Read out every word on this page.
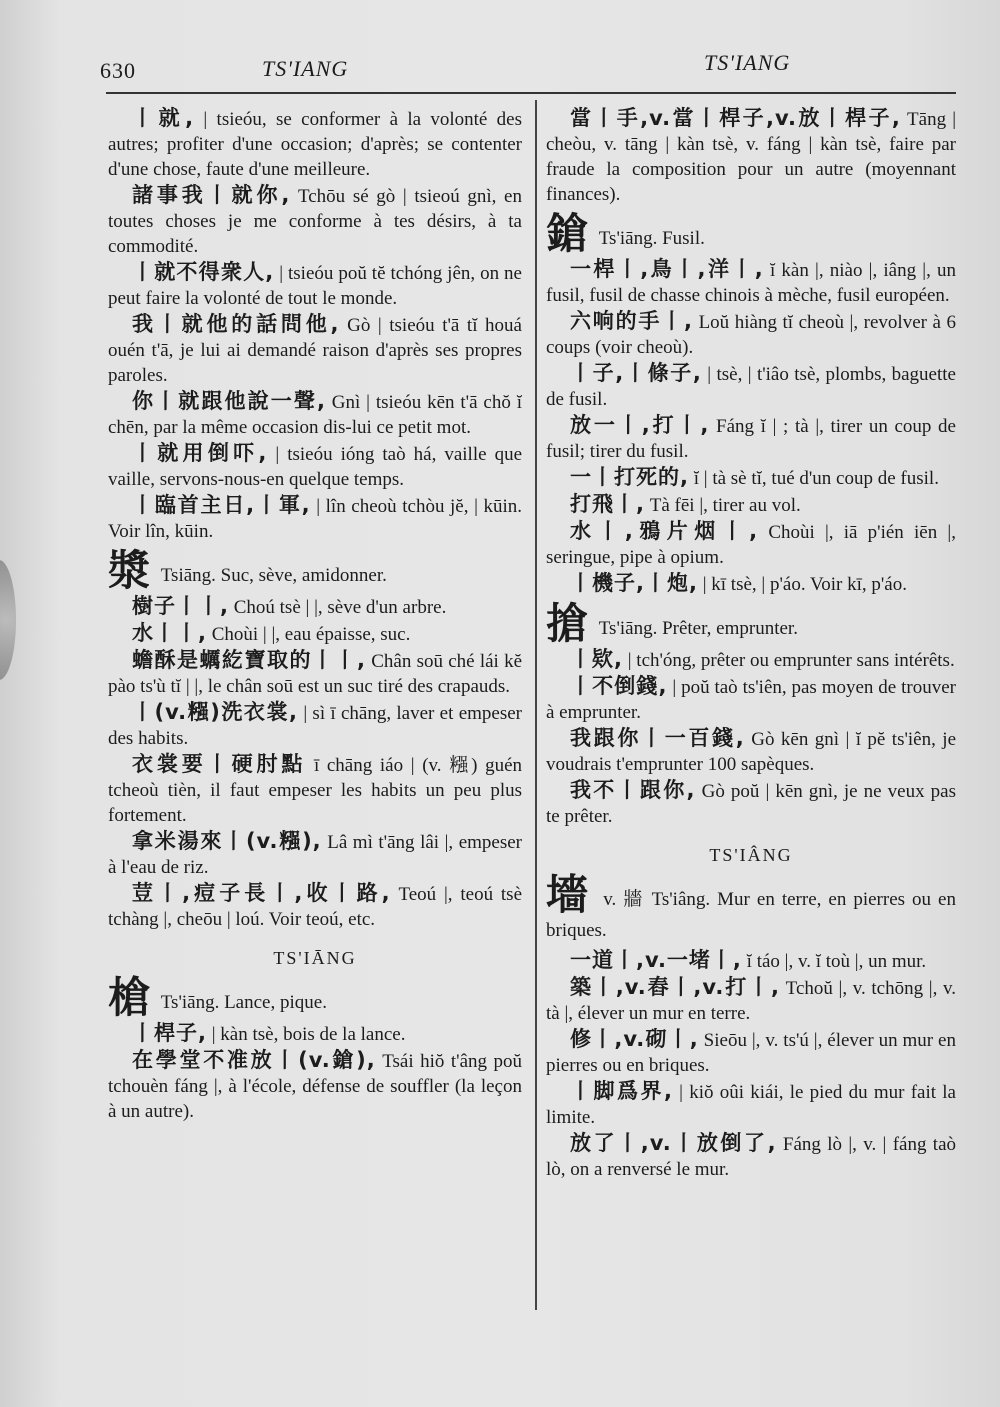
630	TS'IANG	TS'IANG
丨就, | tsieóu, se conformer à la volonté des autres; profiter d'une occasion; d'après; se contenter d'une chose, faute d'une meilleure.
諸事我丨就你, Tchōu sé gò | tsieoú gnì, en toutes choses je me conforme à tes désirs, à ta commodité.
丨就不得衆人, | tsieóu poŭ tĕ tchóng jên, on ne peut faire la volonté de tout le monde.
我丨就他的話問他, Gò | tsieóu t'ā tĭ houá ouén t'ā, je lui ai demandé raison d'après ses propres paroles.
你丨就跟他說一聲, Gnì | tsieóu kēn t'ā chŏ ĭ chēn, par la même occasion dis-lui ce petit mot.
丨就用倒吓, | tsieóu ióng taò há, vaille que vaille, servons-nous-en quelque temps.
丨臨首主日,丨軍, | lîn cheoù tchòu jĕ, | kūin. Voir lîn, kūin.
漿 Tsiāng. Suc, sève, amidonner.
樹子丨丨, Choú tsè | |, sève d'un arbre.
水丨丨, Choùi | |, eau épaisse, suc.
蟾酥是蠣紇寶取的丨丨, Chân soū ché lái kĕ pào ts'ù tĭ | |, le chân soū est un suc tiré des crapauds.
丨(v.糨)洗衣裳, | sì ī chāng, laver et empeser des habits.
衣裳要丨硬肘點 ī chāng iáo | (v. 糨) guén tcheoù tièn, il faut empeser les habits un peu plus fortement.
拿米湯來丨(v.糨), Lâ mì t'āng lâi |, empeser à l'eau de riz.
荳丨,痘子長丨,收丨路, Teoú |, teoú tsè tchàng |, cheōu | loú. Voir teoú, etc.
TS'IĀNG
槍 Ts'iāng. Lance, pique.
丨桿子, | kàn tsè, bois de la lance.
在學堂不准放丨(v.鎗), Tsái hiŏ t'âng poŭ tchouèn fáng |, à l'école, défense de souffler (la leçon à un autre).
當丨手,v.當丨桿子,v.放丨桿子, Tāng | cheòu, v. tāng | kàn tsè, v. fáng | kàn tsè, faire par fraude la composition pour un autre (moyennant finances).
鎗 Ts'iāng. Fusil.
一桿丨,鳥丨,洋丨, ĭ kàn |, niào |, iâng |, un fusil, fusil de chasse chinois à mèche, fusil européen.
六响的手丨, Loŭ hiàng tĭ cheoù |, revolver à 6 coups (voir cheoù).
丨子,丨條子, | tsè, | t'iâo tsè, plombs, baguette de fusil.
放一丨,打丨, Fáng ĭ | ; tà |, tirer un coup de fusil; tirer du fusil.
一丨打死的, ĭ | tà sè tĭ, tué d'un coup de fusil.
打飛丨, Tà fēi |, tirer au vol.
水丨,鴉片烟丨, Choùi |, iā p'ién iēn |, seringue, pipe à opium.
丨機子,丨炮, | kī tsè, | p'áo. Voir kī, p'áo.
搶 Ts'iāng. Prêter, emprunter.
丨欵, | tch'óng, prêter ou emprunter sans intérêts.
丨不倒錢, | poŭ taò ts'iên, pas moyen de trouver à emprunter.
我跟你丨一百錢, Gò kēn gnì | ĭ pĕ ts'iên, je voudrais t'emprunter 100 sapèques.
我不丨跟你, Gò poŭ | kēn gnì, je ne veux pas te prêter.
TS'IÂNG
墻 v. 牆 Ts'iâng. Mur en terre, en pierres ou en briques.
一道丨,v.一堵丨, ĭ táo |, v. ĭ toù |, un mur.
築丨,v.舂丨,v.打丨, Tchoŭ |, v. tchōng |, v. tà |, élever un mur en terre.
修丨,v.砌丨, Sieōu |, v. ts'ú |, élever un mur en pierres ou en briques.
丨脚爲界, | kiŏ oûi kiái, le pied du mur fait la limite.
放了丨,v.丨放倒了, Fáng lò |, v. | fáng taò lò, on a renversé le mur.
